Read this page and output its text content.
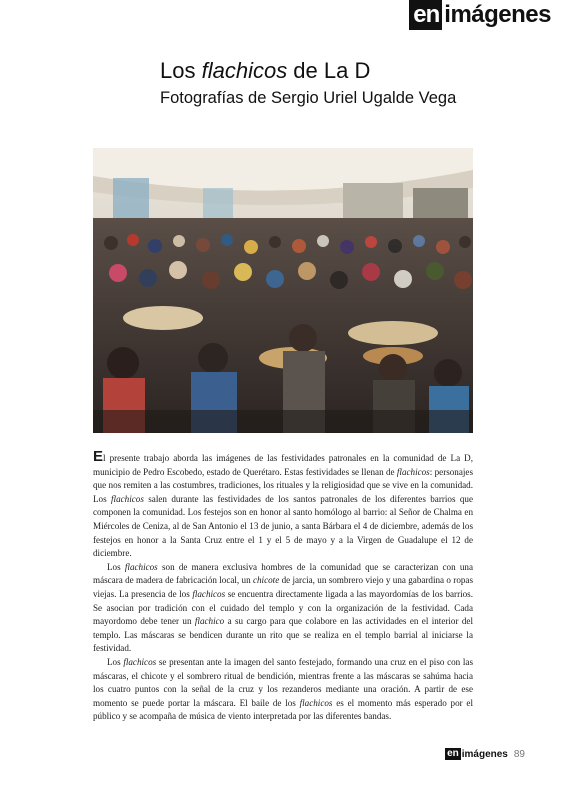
en imágenes
Los flachicos de La D
Fotografías de Sergio Uriel Ugalde Vega

El presente trabajo aborda las imágenes de las festividades patronales en la comunidad de La D, municipio de Pedro Escobedo, estado de Querétaro. Estas festividades se llenan de flachicos: personajes que nos remiten a las costumbres, tradiciones, los rituales y la religiosidad que se vive en la comunidad. Los flachicos salen durante las festividades de los santos patronales de los diferentes barrios que componen la comunidad. Los festejos son en honor al santo homólogo al barrio: al Señor de Chalma en Miércoles de Ceniza, al de San Antonio el 13 de junio, a santa Bárbara el 4 de diciembre, además de los festejos en honor a la Santa Cruz entre el 1 y el 5 de mayo y a la Virgen de Guadalupe el 12 de diciembre.

Los flachicos son de manera exclusiva hombres de la comunidad que se caracterizan con una máscara de madera de fabricación local, un chicote de jarcia, un sombrero viejo y una gabardina o ropas viejas. La presencia de los flachicos se encuentra directamente ligada a las mayordomías de los barrios. Se asocian por tradición con el cuidado del templo y con la organización de la festividad. Cada mayordomo debe tener un flachico a su cargo para que colabore en las actividades en el interior del templo. Las máscaras se bendicen durante un rito que se realiza en el templo barrial al iniciarse la festividad.

Los flachicos se presentan ante la imagen del santo festejado, formando una cruz en el piso con las máscaras, el chicote y el sombrero ritual de bendición, mientras frente a las máscaras se sahúma hacia los cuatro puntos con la señal de la cruz y los rezanderos mediante una oración. A partir de ese momento se puede portar la máscara. El baile de los flachicos es el momento más esperado por el público y se acompaña de música de viento interpretada por las diferentes bandas.

en imágenes 89
